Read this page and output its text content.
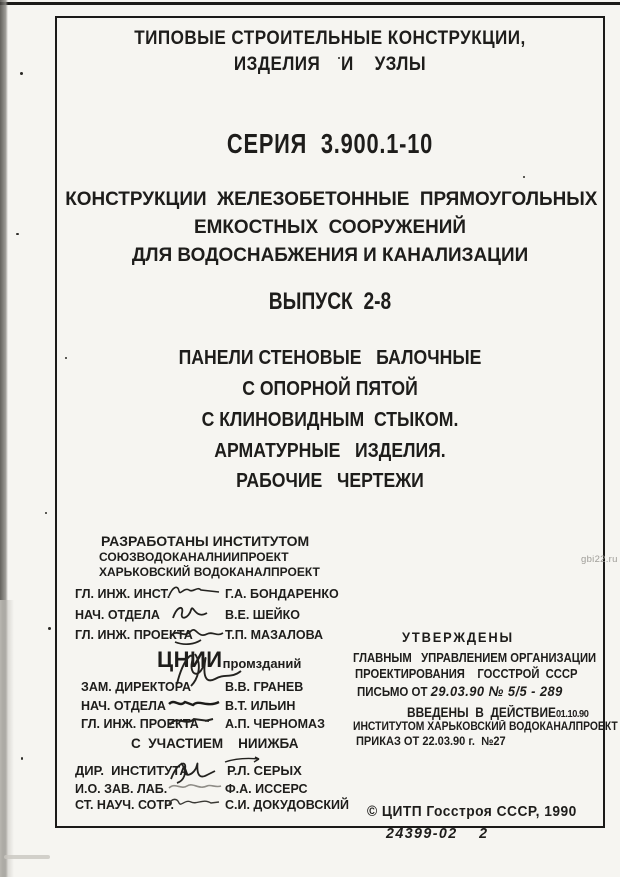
ТИПОВЫЕ СТРОИТЕЛЬНЫЕ КОНСТРУКЦИИ,
ИЗДЕЛИЯ    И    УЗЛЫ
СЕРИЯ  3.900.1-10
КОНСТРУКЦИИ  ЖЕЛЕЗОБЕТОННЫЕ  ПРЯМОУГОЛЬНЫХ
ЕМКОСТНЫХ  СООРУЖЕНИЙ
ДЛЯ ВОДОСНАБЖЕНИЯ И КАНАЛИЗАЦИИ
ВЫПУСК  2-8
ПАНЕЛИ СТЕНОВЫЕ   БАЛОЧНЫЕ
С ОПОРНОЙ ПЯТОЙ
С КЛИНОВИДНЫМ  СТЫКОМ.
АРМАТУРНЫЕ   ИЗДЕЛИЯ.
РАБОЧИЕ   ЧЕРТЕЖИ
РАЗРАБОТАНЫ ИНСТИТУТОМ
СОЮЗВОДОКАНАЛНИИПРОЕКТ
ХАРЬКОВСКИЙ ВОДОКАНАЛПРОЕКТ
ГЛ. ИНЖ. ИНСТ.	Г.А. БОНДАРЕНКО
НАЧ. ОТДЕЛА	В.Е. ШЕЙКО
ГЛ. ИНЖ. ПРОЕКТА	Т.П. МАЗАЛОВА
ЦНИИпромзданий
ЗАМ. ДИРЕКТОРА	В.В. ГРАНЕВ
НАЧ. ОТДЕЛА	В.Т. ИЛЬИН
ГЛ. ИНЖ. ПРОЕКТА А.П. ЧЕРНОМАЗ
С  УЧАСТИЕМ    НИИЖБА
ДИР.  ИНСТИТУТА	Р.Л. СЕРЫХ
И.О. ЗАВ. ЛАБ.	Ф.А. ИССЕРС
СТ. НАУЧ. СОТР.	С.И. ДОКУДОВСКИЙ
УТВЕРЖДЕНЫ
ГЛАВНЫМ   УПРАВЛЕНИЕМ ОРГАНИЗАЦИИ
ПРОЕКТИРОВАНИЯ    ГОССТРОЙ  СССР
ПИСЬМО ОТ 29.03.90 № 5/5 - 289
ВВЕДЕНЫ  В  ДЕЙСТВИЕ01.10.90
ИНСТИТУТОМ ХАРЬКОВСКИЙ ВОДОКАНАЛПРОЕКТ
ПРИКАЗ ОТ 22.03.90 г.  №27
© ЦИТП Госстроя СССР, 1990
24399-02    2
gbi22.ru
